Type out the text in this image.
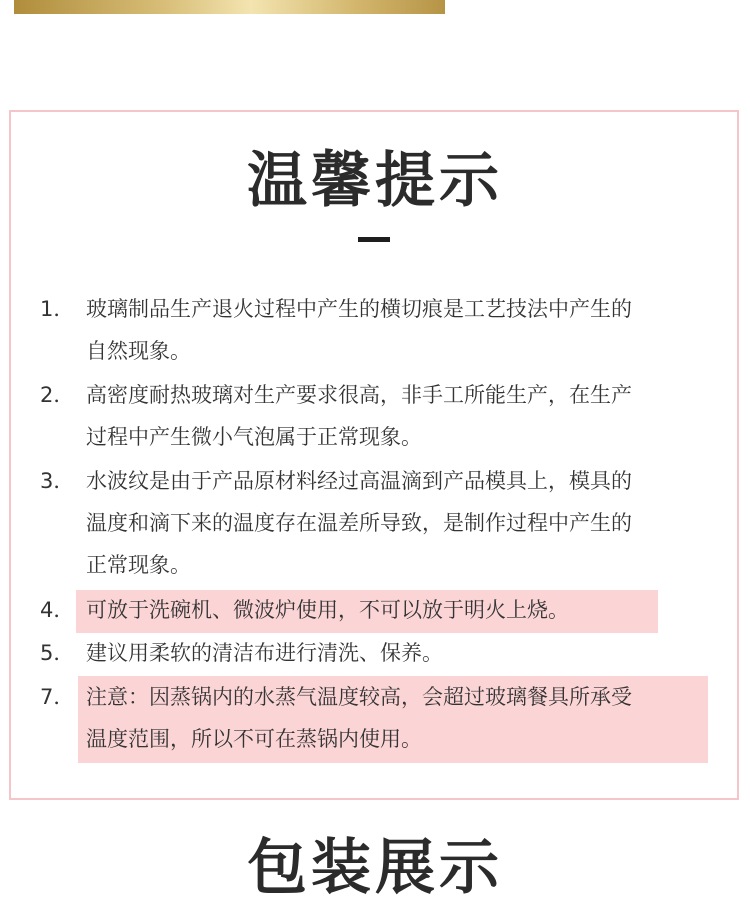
温馨提示
1． 玻璃制品生产退火过程中产生的横切痕是工艺技法中产生的
自然现象。
2． 高密度耐热玻璃对生产要求很高，非手工所能生产，在生产
过程中产生微小气泡属于正常现象。
3． 水波纹是由于产品原材料经过高温滴到产品模具上，模具的
温度和滴下来的温度存在温差所导致，是制作过程中产生的
正常现象。
4． 可放于洗碗机、微波炉使用，不可以放于明火上烧。
5． 建议用柔软的清洁布进行清洗、保养。
7． 注意：因蒸锅内的水蒸气温度较高，会超过玻璃餐具所承受
温度范围，所以不可在蒸锅内使用。
包装展示
